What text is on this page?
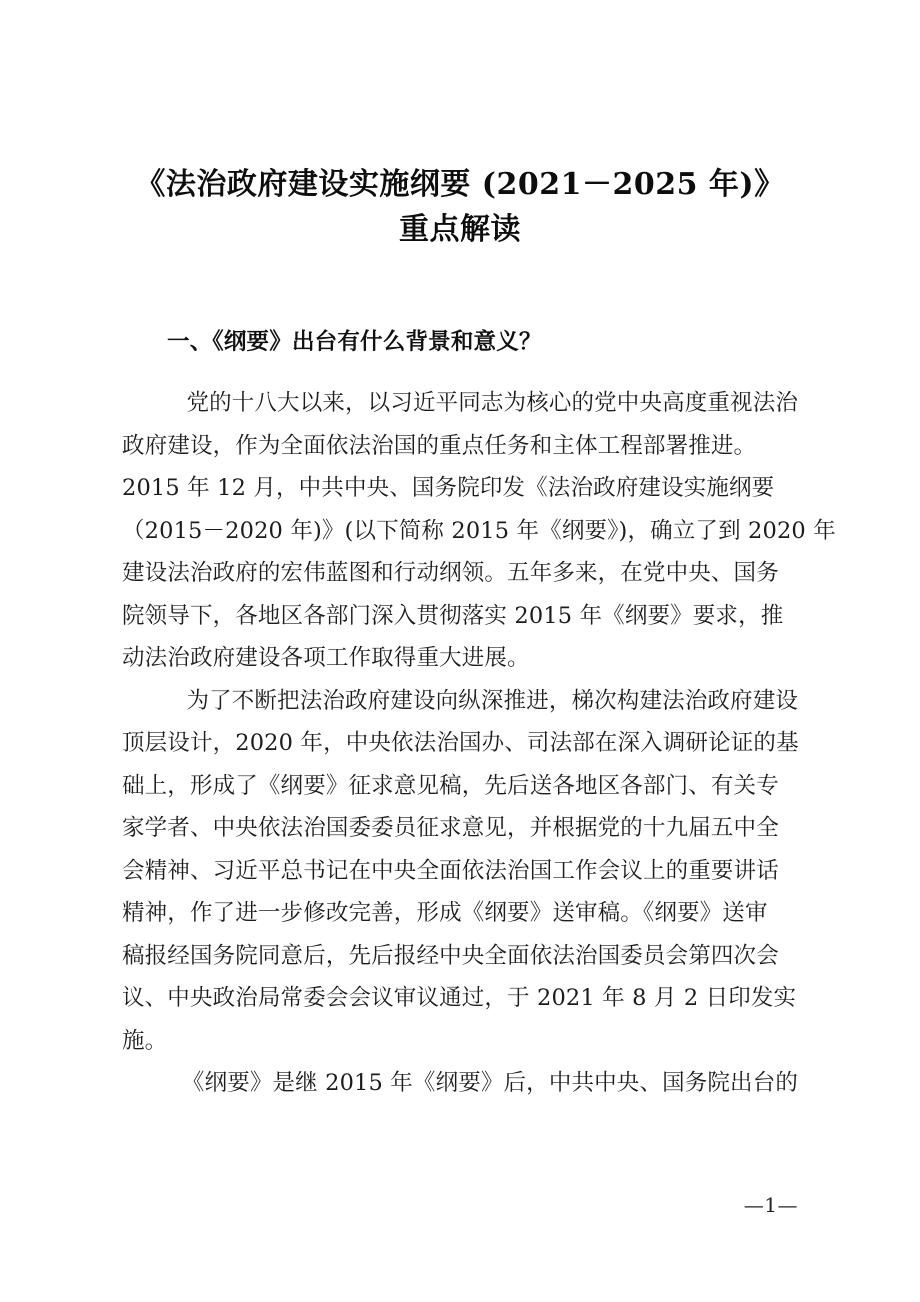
《法治政府建设实施纲要 (2021－2025 年)》
重点解读
一、《纲要》出台有什么背景和意义？
党的十八大以来，以习近平同志为核心的党中央高度重视法治
政府建设，作为全面依法治国的重点任务和主体工程部署推进。
2015 年 12 月，中共中央、国务院印发《法治政府建设实施纲要
（2015－2020 年)》(以下简称 2015 年《纲要》)，确立了到 2020 年
建设法治政府的宏伟蓝图和行动纲领。五年多来，在党中央、国务
院领导下，各地区各部门深入贯彻落实 2015 年《纲要》要求，推
动法治政府建设各项工作取得重大进展。
为了不断把法治政府建设向纵深推进，梯次构建法治政府建设
顶层设计，2020 年，中央依法治国办、司法部在深入调研论证的基
础上，形成了《纲要》征求意见稿，先后送各地区各部门、有关专
家学者、中央依法治国委委员征求意见，并根据党的十九届五中全
会精神、习近平总书记在中央全面依法治国工作会议上的重要讲话
精神，作了进一步修改完善，形成《纲要》送审稿。《纲要》送审
稿报经国务院同意后，先后报经中央全面依法治国委员会第四次会
议、中央政治局常委会会议审议通过，于 2021 年 8 月 2 日印发实
施。
《纲要》是继 2015 年《纲要》后，中共中央、国务院出台的
—1—
